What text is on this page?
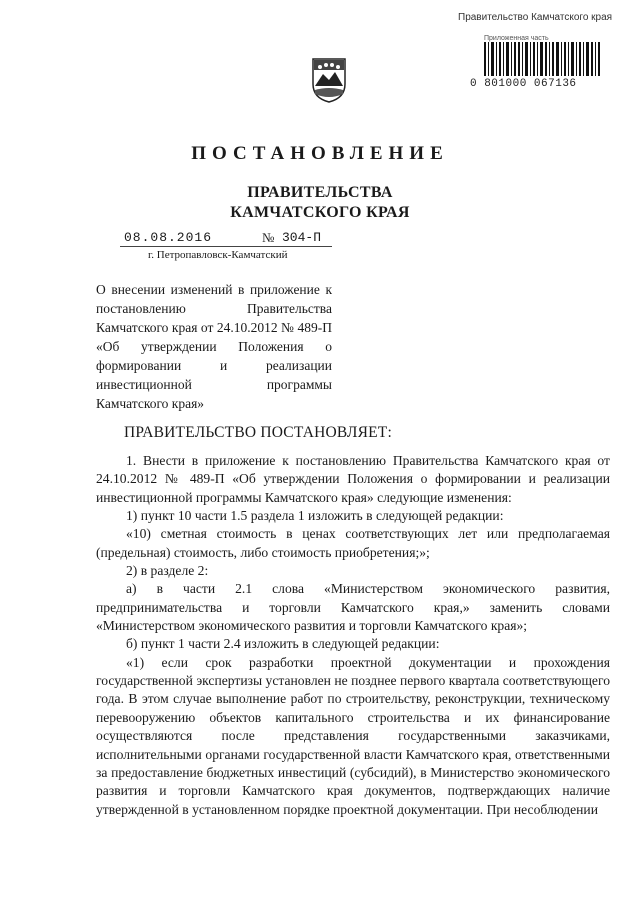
Правительство Камчатского края
Приложенная часть
0 801000 067136
ПОСТАНОВЛЕНИЕ
ПРАВИТЕЛЬСТВА
КАМЧАТСКОГО КРАЯ
08.08.2016	№ 304-П
г. Петропавловск-Камчатский

О внесении изменений в приложение к постановлению Правительства Камчатского края от 24.10.2012 № 489-П «Об утверждении Положения о формировании и реализации инвестиционной программы Камчатского края»

ПРАВИТЕЛЬСТВО ПОСТАНОВЛЯЕТ:

1. Внести в приложение к постановлению Правительства Камчатского края от 24.10.2012 № 489-П «Об утверждении Положения о формировании и реализации инвестиционной программы Камчатского края» следующие изменения:

1) пункт 10 части 1.5 раздела 1 изложить в следующей редакции:

«10) сметная стоимость в ценах соответствующих лет или предполагаемая (предельная) стоимость, либо стоимость приобретения;»;

2) в разделе 2:

а) в части 2.1 слова «Министерством экономического развития, предпринимательства и торговли Камчатского края,» заменить словами «Министерством экономического развития и торговли Камчатского края»;

б) пункт 1 части 2.4 изложить в следующей редакции:

«1) если срок разработки проектной документации и прохождения государственной экспертизы установлен не позднее первого квартала соответствующего года. В этом случае выполнение работ по строительству, реконструкции, техническому перевооружению объектов капитального строительства и их финансирование осуществляются после представления государственными заказчиками, исполнительными органами государственной власти Камчатского края, ответственными за предоставление бюджетных инвестиций (субсидий), в Министерство экономического развития и торговли Камчатского края документов, подтверждающих наличие утвержденной в установленном порядке проектной документации. При несоблюдении
